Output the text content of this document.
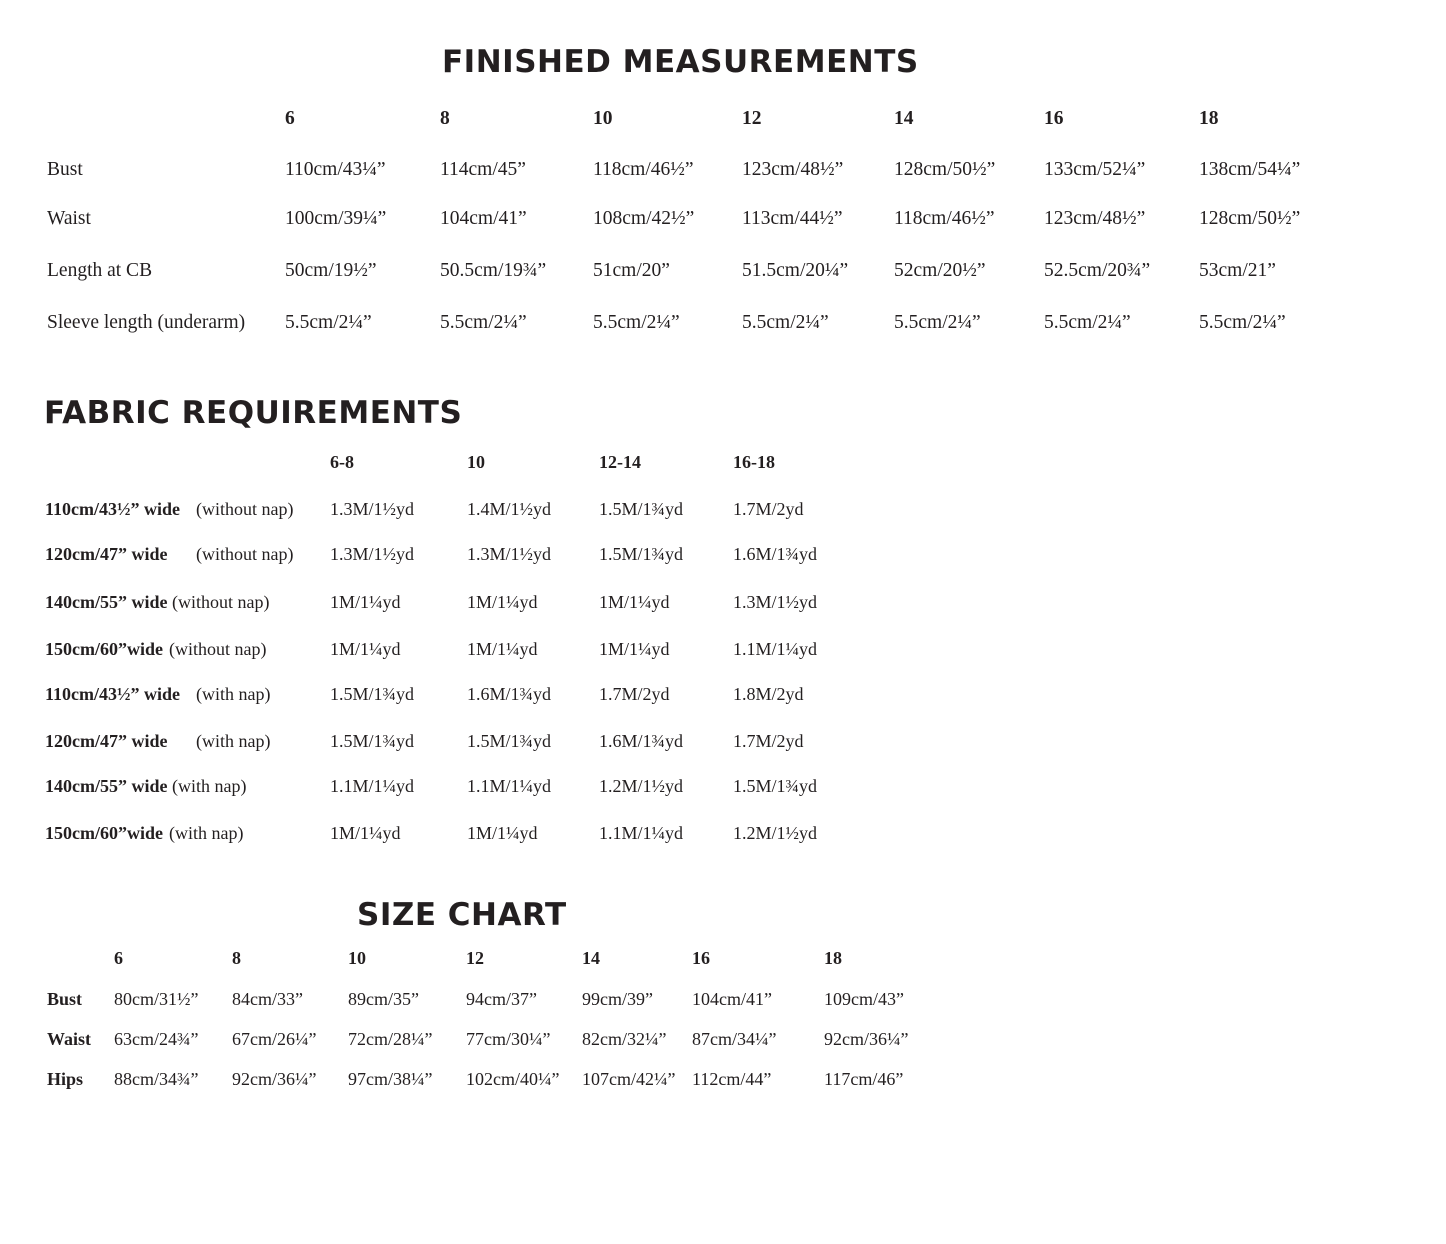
FINISHED MEASUREMENTS
6	8	10	12	14	16	18
Bust	110cm/43¼”	114cm/45”	118cm/46½” 123cm/48½”	128cm/50½” 133cm/52¼”	138cm/54¼”
Waist	100cm/39¼”	104cm/41”	108cm/42½” 113cm/44½”	118cm/46½”	123cm/48½”	128cm/50½”
Length at CB	50cm/19½”	50.5cm/19¾” 51cm/20”	51.5cm/20¼” 52cm/20½”	52.5cm/20¾”	53cm/21”
Sleeve length (underarm) 5.5cm/2¼”	5.5cm/2¼”	5.5cm/2¼”	5.5cm/2¼”	5.5cm/2¼”	5.5cm/2¼”	5.5cm/2¼”
FABRIC REQUIREMENTS
6-8	10	12-14	16-18
110cm/43½” wide (without nap) 1.3M/1½yd	1.4M/1½yd	1.5M/1¾yd	1.7M/2yd
120cm/47” wide (without nap) 1.3M/1½yd	1.3M/1½yd	1.5M/1¾yd	1.6M/1¾yd
140cm/55” wide (without nap)	1M/1¼yd	1M/1¼yd	1M/1¼yd	1.3M/1½yd
150cm/60”wide (without nap)	1M/1¼yd	1M/1¼yd	1M/1¼yd	1.1M/1¼yd
110cm/43½” wide (with nap)	1.5M/1¾yd	1.6M/1¾yd	1.7M/2yd	1.8M/2yd
120cm/47” wide (with nap)	1.5M/1¾yd	1.5M/1¾yd	1.6M/1¾yd	1.7M/2yd
140cm/55” wide (with nap)	1.1M/1¼yd	1.1M/1¼yd	1.2M/1½yd	1.5M/1¾yd
150cm/60”wide (with nap)	1M/1¼yd	1M/1¼yd	1.1M/1¼yd	1.2M/1½yd
SIZE CHART
6	8	10	12	14	16	18
Bust 80cm/31½” 84cm/33”	89cm/35”	94cm/37”	99cm/39” 104cm/41”	109cm/43”
Waist 63cm/24¾” 67cm/26¼” 72cm/28¼” 77cm/30¼” 82cm/32¼” 87cm/34¼”	92cm/36¼”
Hips 88cm/34¾” 92cm/36¼” 97cm/38¼” 102cm/40¼” 107cm/42¼” 112cm/44”	117cm/46”
